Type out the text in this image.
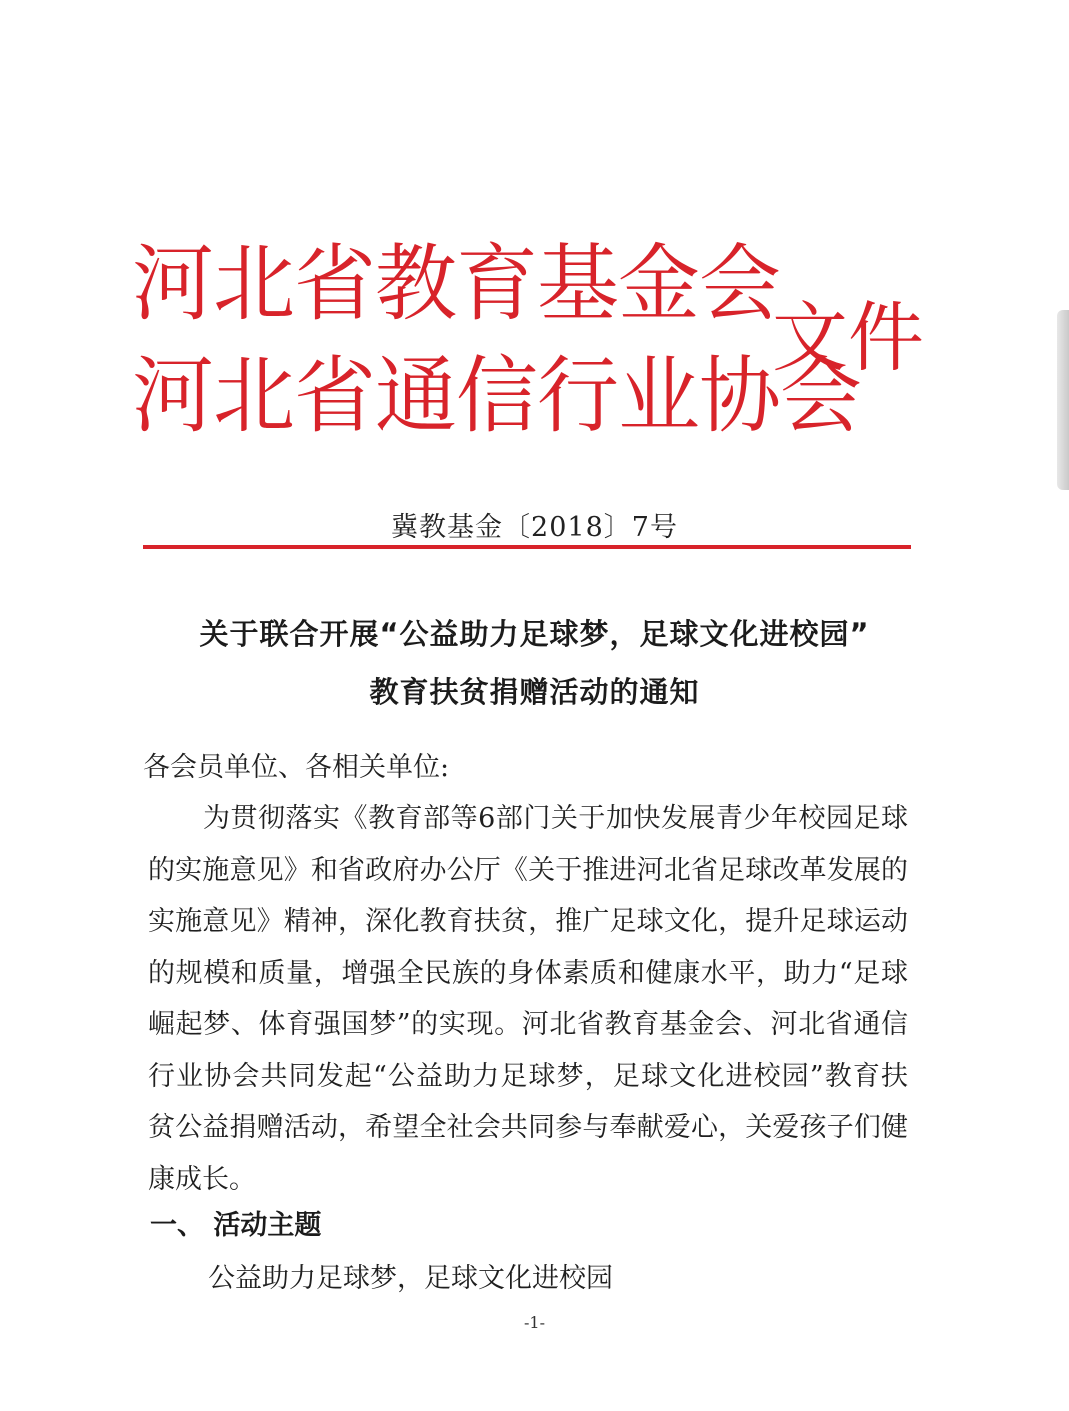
河北省教育基金会
河北省通信行业协会
文件
冀教基金〔2018〕7号
关于联合开展“公益助力足球梦，足球文化进校园”
教育扶贫捐赠活动的通知
各会员单位、各相关单位:
为贯彻落实《教育部等6部门关于加快发展青少年校园足球
的实施意见》和省政府办公厅《关于推进河北省足球改革发展的
实施意见》精神，深化教育扶贫，推广足球文化，提升足球运动
的规模和质量，增强全民族的身体素质和健康水平，助力“足球
崛起梦、体育强国梦”的实现。河北省教育基金会、河北省通信
行业协会共同发起“公益助力足球梦，足球文化进校园”教育扶
贫公益捐赠活动，希望全社会共同参与奉献爱心，关爱孩子们健
康成长。
一、 活动主题
公益助力足球梦，足球文化进校园
-1-
